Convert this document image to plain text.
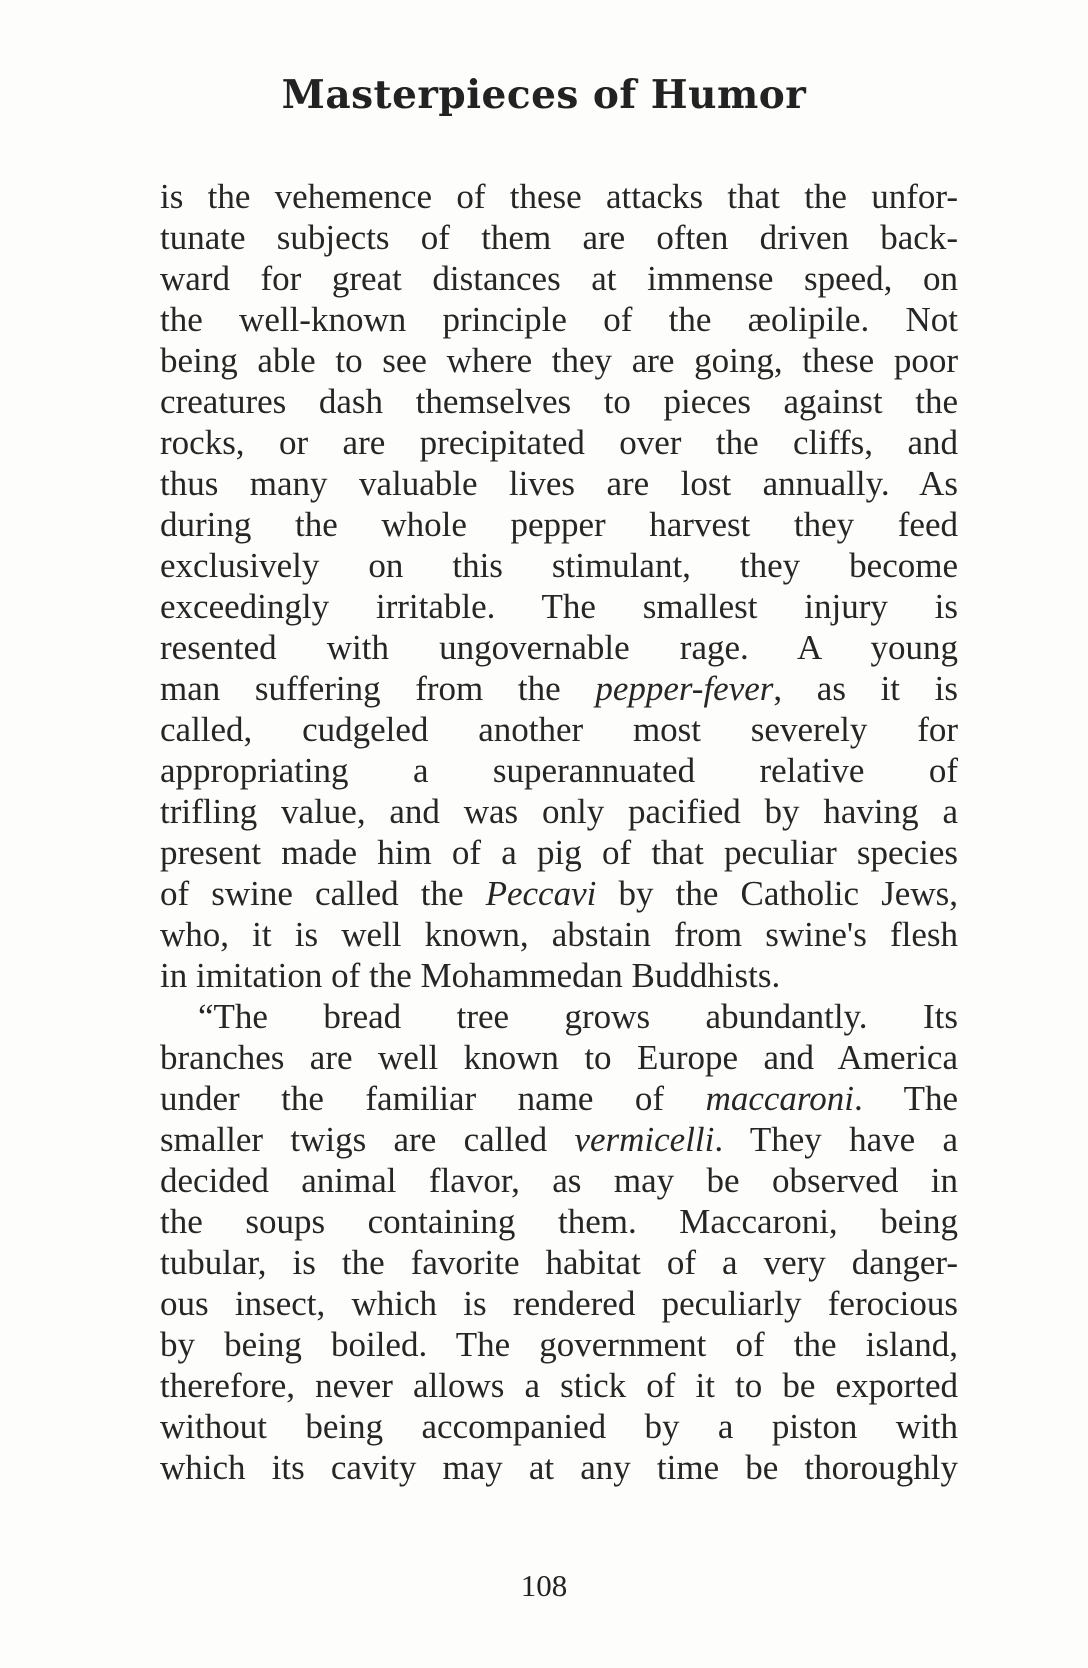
Masterpieces of Humor
is the vehemence of these attacks that the unfor-
tunate subjects of them are often driven back-
ward for great distances at immense speed, on
the well-known principle of the æolipile. Not
being able to see where they are going, these poor
creatures dash themselves to pieces against the
rocks, or are precipitated over the cliffs, and
thus many valuable lives are lost annually. As
during the whole pepper harvest they feed
exclusively on this stimulant, they become
exceedingly irritable. The smallest injury is
resented with ungovernable rage. A young
man suffering from the pepper-fever, as it is
called, cudgeled another most severely for
appropriating a superannuated relative of
trifling value, and was only pacified by having a
present made him of a pig of that peculiar species
of swine called the Peccavi by the Catholic Jews,
who, it is well known, abstain from swine's flesh
in imitation of the Mohammedan Buddhists.
“The bread tree grows abundantly. Its
branches are well known to Europe and America
under the familiar name of maccaroni. The
smaller twigs are called vermicelli. They have a
decided animal flavor, as may be observed in
the soups containing them. Maccaroni, being
tubular, is the favorite habitat of a very danger-
ous insect, which is rendered peculiarly ferocious
by being boiled. The government of the island,
therefore, never allows a stick of it to be exported
without being accompanied by a piston with
which its cavity may at any time be thoroughly
108
